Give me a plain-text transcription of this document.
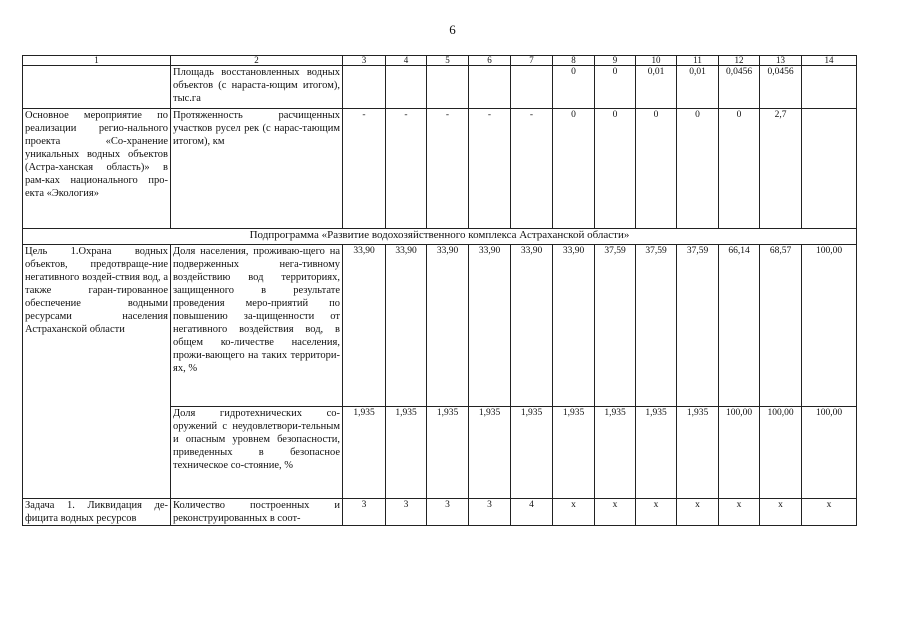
6
1	2	3	4	5	6	7	8	9	10	11	12	13	14
	Площадь восстановленных водных объектов (с нараста-ющим итогом), тыс.га						0	0	0,01	0,01	0,0456	0,0456	
Основное мероприятие по реализации регио-нального проекта «Со-хранение уникальных водных объектов (Астра-ханская область)» в рам-ках национального про-екта «Экология»	Протяженность расчищенных участков русел рек (с нарас-тающим итогом), км	-	-	-	-	-	0	0	0	0	0	2,7	
Подпрограмма «Развитие водохозяйственного комплекса Астраханской области»													
Цель 1.Охрана водных объектов, предотвраще-ние негативного воздей-ствия вод, а также гаран-тированное обеспечение водными ресурсами населения Астраханской области	Доля населения, проживаю-щего на подверженных нега-тивному воздействию вод территориях, защищенного в результате проведения меро-приятий по повышению за-щищенности от негативного воздействия вод, в общем ко-личестве населения, прожи-вающего на таких территори-ях, %	33,90	33,90	33,90	33,90	33,90	33,90	37,59	37,59	37,59	66,14	68,57	100,00
	Доля гидротехнических со-оружений с неудовлетвори-тельным и опасным уровнем безопасности, приведенных в безопасное техническое со-стояние, %	1,935	1,935	1,935	1,935	1,935	1,935	1,935	1,935	1,935	100,00	100,00	100,00
Задача 1. Ликвидация де-фицита водных ресурсов	Количество построенных и реконструированных в соот-	3	3	3	3	4	х	х	х	х	х	х	х
